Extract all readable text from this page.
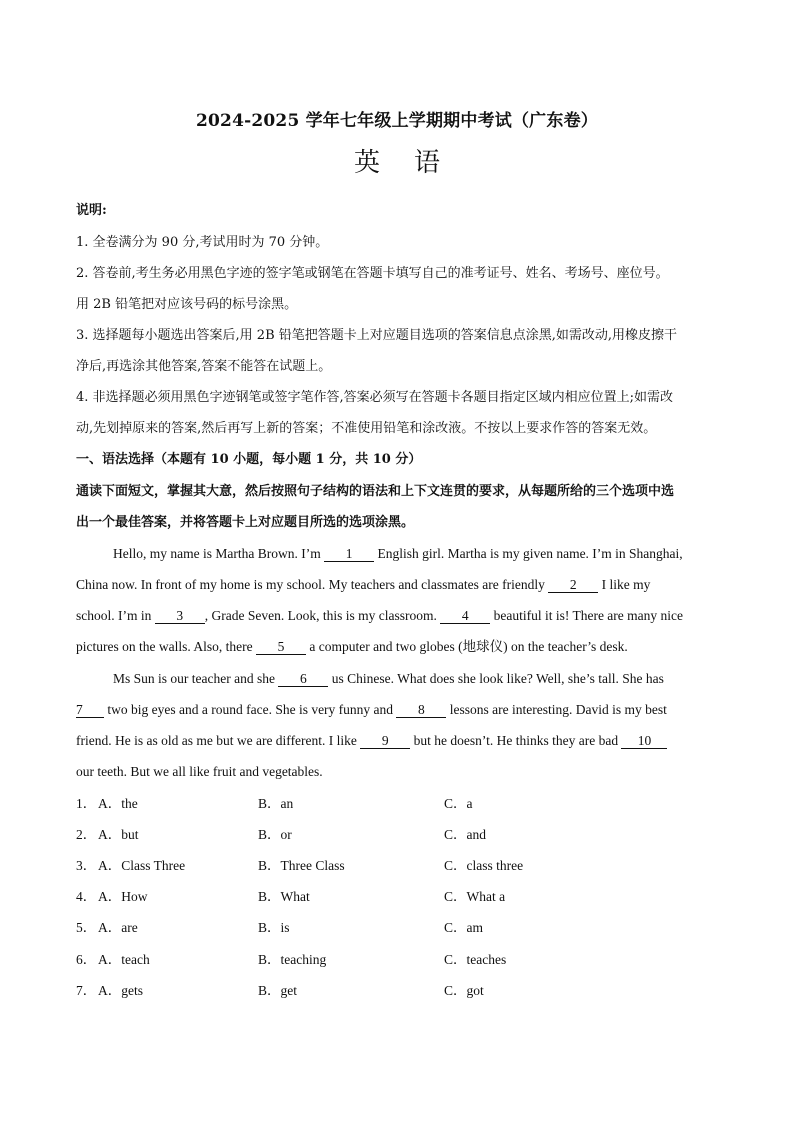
2024-2025 学年七年级上学期期中考试（广东卷）
英语
说明:
1. 全卷满分为 90 分,考试用时为 70 分钟。
2. 答卷前,考生务必用黑色字迹的签字笔或钢笔在答题卡填写自己的准考证号、姓名、考场号、座位号。
用 2B 铅笔把对应该号码的标号涂黑。
3. 选择题每小题选出答案后,用 2B 铅笔把答题卡上对应题目选项的答案信息点涂黑,如需改动,用橡皮擦干
净后,再选涂其他答案,答案不能答在试题上。
4. 非选择题必须用黑色字迹钢笔或签字笔作答,答案必须写在答题卡各题目指定区域内相应位置上;如需改
动,先划掉原来的答案,然后再写上新的答案；不准使用铅笔和涂改液。不按以上要求作答的答案无效。
一、语法选择（本题有 10 小题，每小题 1 分，共 10 分）
通读下面短文，掌握其大意，然后按照句子结构的语法和上下文连贯的要求，从每题所给的三个选项中选
出一个最佳答案，并将答题卡上对应题目所选的选项涂黑。
Hello, my name is Martha Brown. I’m 1 English girl. Martha is my given name. I’m in Shanghai,
China now. In front of my home is my school. My teachers and classmates are friendly 2 I like my
school. I’m in 3 , Grade Seven. Look, this is my classroom. 4 beautiful it is! There are many nice
pictures on the walls. Also, there 5 a computer and two globes (地球仪) on the teacher’s desk.
Ms Sun is our teacher and she 6 us Chinese. What does she look like? Well, she’s tall. She has
7 two big eyes and a round face. She is very funny and 8 lessons are interesting. David is my best
friend. He is as old as me but we are different. I like 9 but he doesn’t. He thinks they are bad 10
our teeth. But we all like fruit and vegetables.
1． A．the	B．an	C．a
2． A．but	B．or	C．and
3． A．Class Three	B．Three Class	C．class three
4． A．How	B．What	C．What a
5． A．are	B．is	C．am
6． A．teach	B．teaching	C．teaches
7． A．gets	B．get	C．got
